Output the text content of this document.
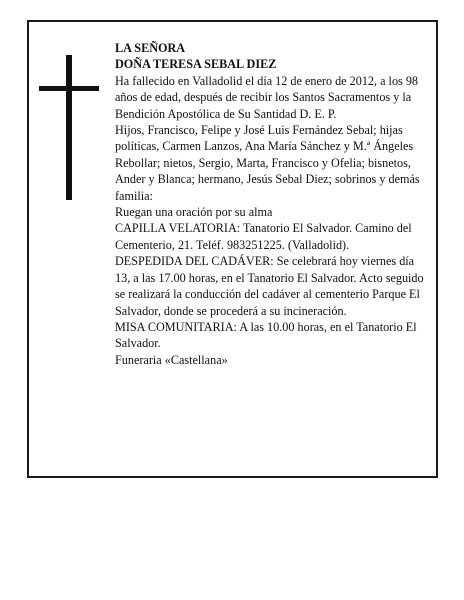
LA SEÑORA

DOÑA TERESA SEBAL DIEZ

Ha fallecido en Valladolid el día 12 de enero de 2012, a los 98 años de edad, después de recibir los Santos Sacramentos y la Bendición Apostólica de Su Santidad D. E. P.

Hijos, Francisco, Felipe y José Luis Fernández Sebal; hijas políticas, Carmen Lanzos, Ana María Sánchez y M.ª Ángeles Rebollar; nietos, Sergio, Marta, Francisco y Ofelia; bisnetos, Ander y Blanca; hermano, Jesús Sebal Diez; sobrinos y demás familia:

Ruegan una oración por su alma

CAPILLA VELATORIA: Tanatorio El Salvador. Camino del Cementerio, 21. Teléf. 983251225. (Valladolid).

DESPEDIDA DEL CADÁVER: Se celebrará hoy viernes día 13, a las 17.00 horas, en el Tanatorio El Salvador. Acto seguido se realizará la conducción del cadáver al cementerio Parque El Salvador, donde se procederá a su incineración.

MISA COMUNITARIA: A las 10.00 horas, en el Tanatorio El Salvador.

Funeraria «Castellana»
